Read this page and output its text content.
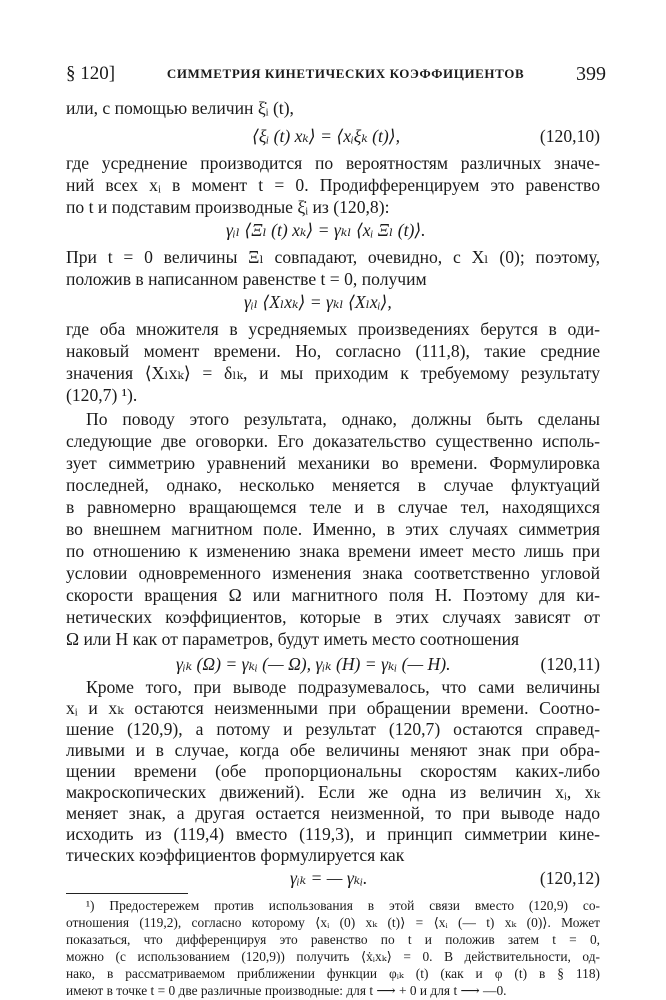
§ 120]	СИММЕТРИЯ КИНЕТИЧЕСКИХ КОЭФФИЦИЕНТОВ	399
или, с помощью величин ξ̇ᵢ (t),
⟨ξᵢ (t) xₖ⟩ = ⟨xᵢξₖ (t)⟩,	(120,10)
где усреднение производится по вероятностям различных значе-
ний всех xᵢ в момент t = 0. Продифференцируем это равенство
по t и подставим производные ξ̇ᵢ из (120,8):
γᵢₗ ⟨Ξₗ (t) xₖ⟩ = γₖₗ ⟨xᵢ Ξₗ (t)⟩.
При t = 0 величины Ξₗ совпадают, очевидно, с Xₗ (0); поэтому,
положив в написанном равенстве t = 0, получим
γᵢₗ ⟨Xₗxₖ⟩ = γₖₗ ⟨Xₗxᵢ⟩,
где оба множителя в усредняемых произведениях берутся в оди-
наковый момент времени. Но, согласно (111,8), такие средние
значения ⟨Xₗxₖ⟩ = δₗₖ, и мы приходим к требуемому результату
(120,7) ¹).
По поводу этого результата, однако, должны быть сделаны
следующие две оговорки. Его доказательство существенно исполь-
зует симметрию уравнений механики во времени. Формулировка
последней, однако, несколько меняется в случае флуктуаций
в равномерно вращающемся теле и в случае тел, находящихся
во внешнем магнитном поле. Именно, в этих случаях симметрия
по отношению к изменению знака времени имеет место лишь при
условии одновременного изменения знака соответственно угловой
скорости вращения Ω или магнитного поля H. Поэтому для ки-
нетических коэффициентов, которые в этих случаях зависят от
Ω или H как от параметров, будут иметь место соотношения
γᵢₖ (Ω) = γₖᵢ (— Ω), γᵢₖ (H) = γₖᵢ (— H).	(120,11)
Кроме того, при выводе подразумевалось, что сами величины
xᵢ и xₖ остаются неизменными при обращении времени. Соотно-
шение (120,9), а потому и результат (120,7) остаются справед-
ливыми и в случае, когда обе величины меняют знак при обра-
щении времени (обе пропорциональны скоростям каких-либо
макроскопических движений). Если же одна из величин xᵢ, xₖ
меняет знак, а другая остается неизменной, то при выводе надо
исходить из (119,4) вместо (119,3), и принцип симметрии кине-
тических коэффициентов формулируется как
γᵢₖ = — γₖᵢ.	(120,12)
¹) Предостережем против использования в этой связи вместо (120,9) со-
отношения (119,2), согласно которому ⟨xᵢ (0) xₖ (t)⟩ = ⟨xᵢ (— t) xₖ (0)⟩. Может
показаться, что дифференцируя это равенство по t и положив затем t = 0,
можно (с использованием (120,9)) получить ⟨ẋᵢxₖ⟩ = 0. В действительности, од-
нако, в рассматриваемом приближении функции φᵢₖ (t) (как и φ (t) в § 118)
имеют в точке t = 0 две различные производные: для t ⟶ + 0 и для t ⟶ —0.
